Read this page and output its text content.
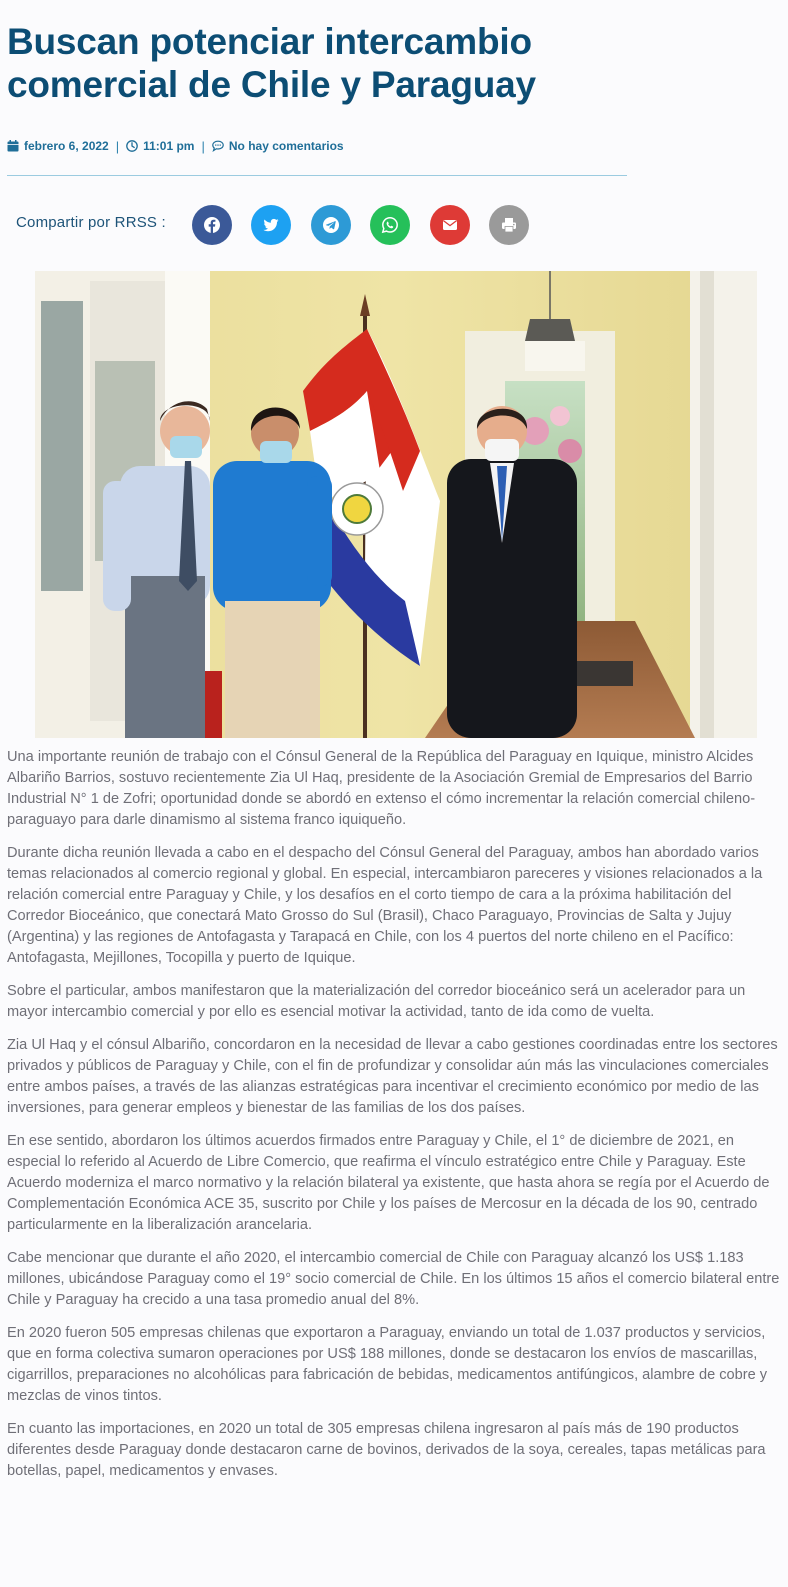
Buscan potenciar intercambio comercial de Chile y Paraguay
febrero 6, 2022 | 11:01 pm | No hay comentarios
Compartir por RRSS :

Una importante reunión de trabajo con el Cónsul General de la República del Paraguay en Iquique, ministro Alcides Albariño Barrios, sostuvo recientemente Zia Ul Haq, presidente de la Asociación Gremial de Empresarios del Barrio Industrial N° 1 de Zofri; oportunidad donde se abordó en extenso el cómo incrementar la relación comercial chileno-paraguayo para darle dinamismo al sistema franco iquiqueño.

Durante dicha reunión llevada a cabo en el despacho del Cónsul General del Paraguay, ambos han abordado varios temas relacionados al comercio regional y global. En especial, intercambiaron pareceres y visiones relacionados a la relación comercial entre Paraguay y Chile, y los desafíos en el corto tiempo de cara a la próxima habilitación del Corredor Bioceánico, que conectará Mato Grosso do Sul (Brasil), Chaco Paraguayo, Provincias de Salta y Jujuy (Argentina) y las regiones de Antofagasta y Tarapacá en Chile, con los 4 puertos del norte chileno en el Pacífico: Antofagasta, Mejillones, Tocopilla y puerto de Iquique.

Sobre el particular, ambos manifestaron que la materialización del corredor bioceánico será un acelerador para un mayor intercambio comercial y por ello es esencial motivar la actividad, tanto de ida como de vuelta.

Zia Ul Haq y el cónsul Albariño, concordaron en la necesidad de llevar a cabo gestiones coordinadas entre los sectores privados y públicos de Paraguay y Chile, con el fin de profundizar y consolidar aún más las vinculaciones comerciales entre ambos países, a través de las alianzas estratégicas para incentivar el crecimiento económico por medio de las inversiones, para generar empleos y bienestar de las familias de los dos países.

En ese sentido, abordaron los últimos acuerdos firmados entre Paraguay y Chile, el 1° de diciembre de 2021, en especial lo referido al Acuerdo de Libre Comercio, que reafirma el vínculo estratégico entre Chile y Paraguay. Este Acuerdo moderniza el marco normativo y la relación bilateral ya existente, que hasta ahora se regía por el Acuerdo de Complementación Económica ACE 35, suscrito por Chile y los países de Mercosur en la década de los 90, centrado particularmente en la liberalización arancelaria.

Cabe mencionar que durante el año 2020, el intercambio comercial de Chile con Paraguay alcanzó los US$ 1.183 millones, ubicándose Paraguay como el 19° socio comercial de Chile. En los últimos 15 años el comercio bilateral entre Chile y Paraguay ha crecido a una tasa promedio anual del 8%.

En 2020 fueron 505 empresas chilenas que exportaron a Paraguay, enviando un total de 1.037 productos y servicios, que en forma colectiva sumaron operaciones por US$ 188 millones, donde se destacaron los envíos de mascarillas, cigarrillos, preparaciones no alcohólicas para fabricación de bebidas, medicamentos antifúngicos, alambre de cobre y mezclas de vinos tintos.

En cuanto las importaciones, en 2020 un total de 305 empresas chilena ingresaron al país más de 190 productos diferentes desde Paraguay donde destacaron carne de bovinos, derivados de la soya, cereales, tapas metálicas para botellas, papel, medicamentos y envases.
